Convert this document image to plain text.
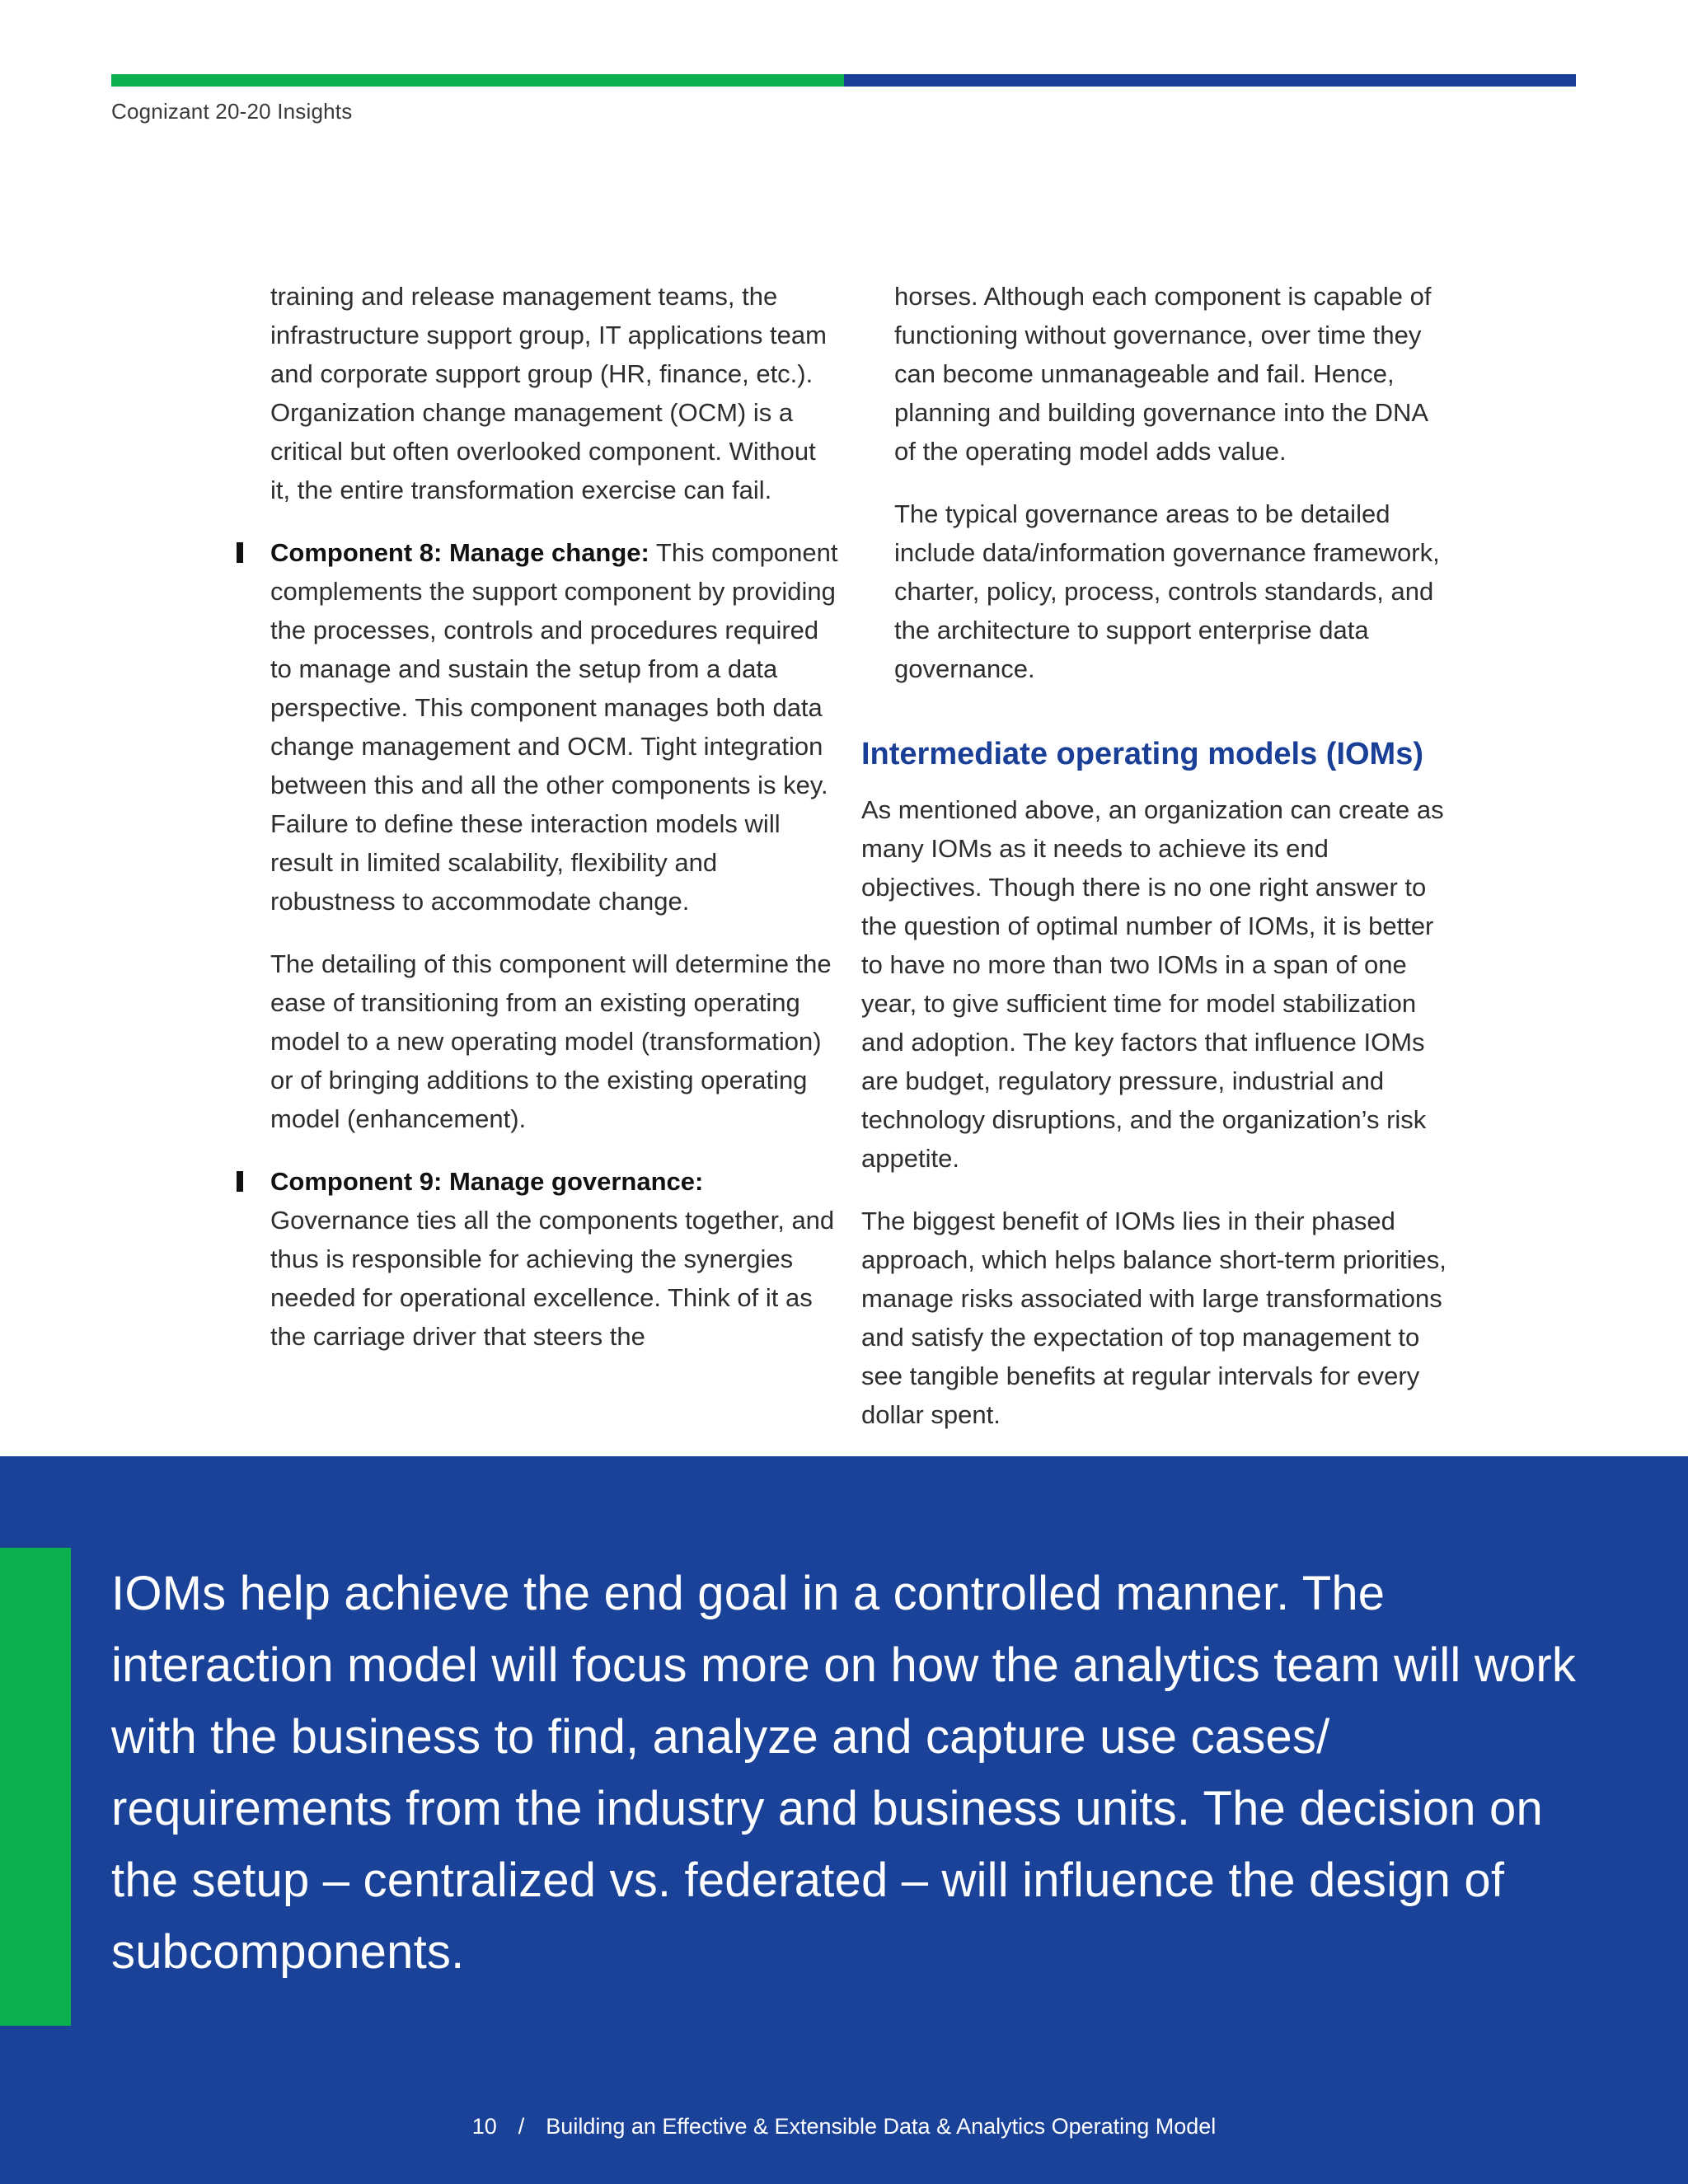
Cognizant 20-20 Insights

training and release management teams, the infrastructure support group, IT applications team and corporate support group (HR, finance, etc.). Organization change management (OCM) is a critical but often overlooked component. Without it, the entire transformation exercise can fail.

Component 8: Manage change: This component complements the support component by providing the processes, controls and procedures required to manage and sustain the setup from a data perspective. This component manages both data change management and OCM. Tight integration between this and all the other components is key. Failure to define these interaction models will result in limited scalability, flexibility and robustness to accommodate change.

The detailing of this component will determine the ease of transitioning from an existing operating model to a new operating model (transformation) or of bringing additions to the existing operating model (enhancement).

Component 9: Manage governance: Governance ties all the components together, and thus is responsible for achieving the synergies needed for operational excellence. Think of it as the carriage driver that steers the

horses. Although each component is capable of functioning without governance, over time they can become unmanageable and fail. Hence, planning and building governance into the DNA of the operating model adds value.

The typical governance areas to be detailed include data/information governance framework, charter, policy, process, controls standards, and the architecture to support enterprise data governance.

Intermediate operating models (IOMs)

As mentioned above, an organization can create as many IOMs as it needs to achieve its end objectives. Though there is no one right answer to the question of optimal number of IOMs, it is better to have no more than two IOMs in a span of one year, to give sufficient time for model stabilization and adoption. The key factors that influence IOMs are budget, regulatory pressure, industrial and technology disruptions, and the organization’s risk appetite.

The biggest benefit of IOMs lies in their phased approach, which helps balance short-term priorities, manage risks associated with large transformations and satisfy the expectation of top management to see tangible benefits at regular intervals for every dollar spent.

IOMs help achieve the end goal in a controlled manner. The interaction model will focus more on how the analytics team will work with the business to find, analyze and capture use cases/ requirements from the industry and business units. The decision on the setup – centralized vs. federated – will influence the design of subcomponents.
10 / Building an Effective & Extensible Data & Analytics Operating Model
